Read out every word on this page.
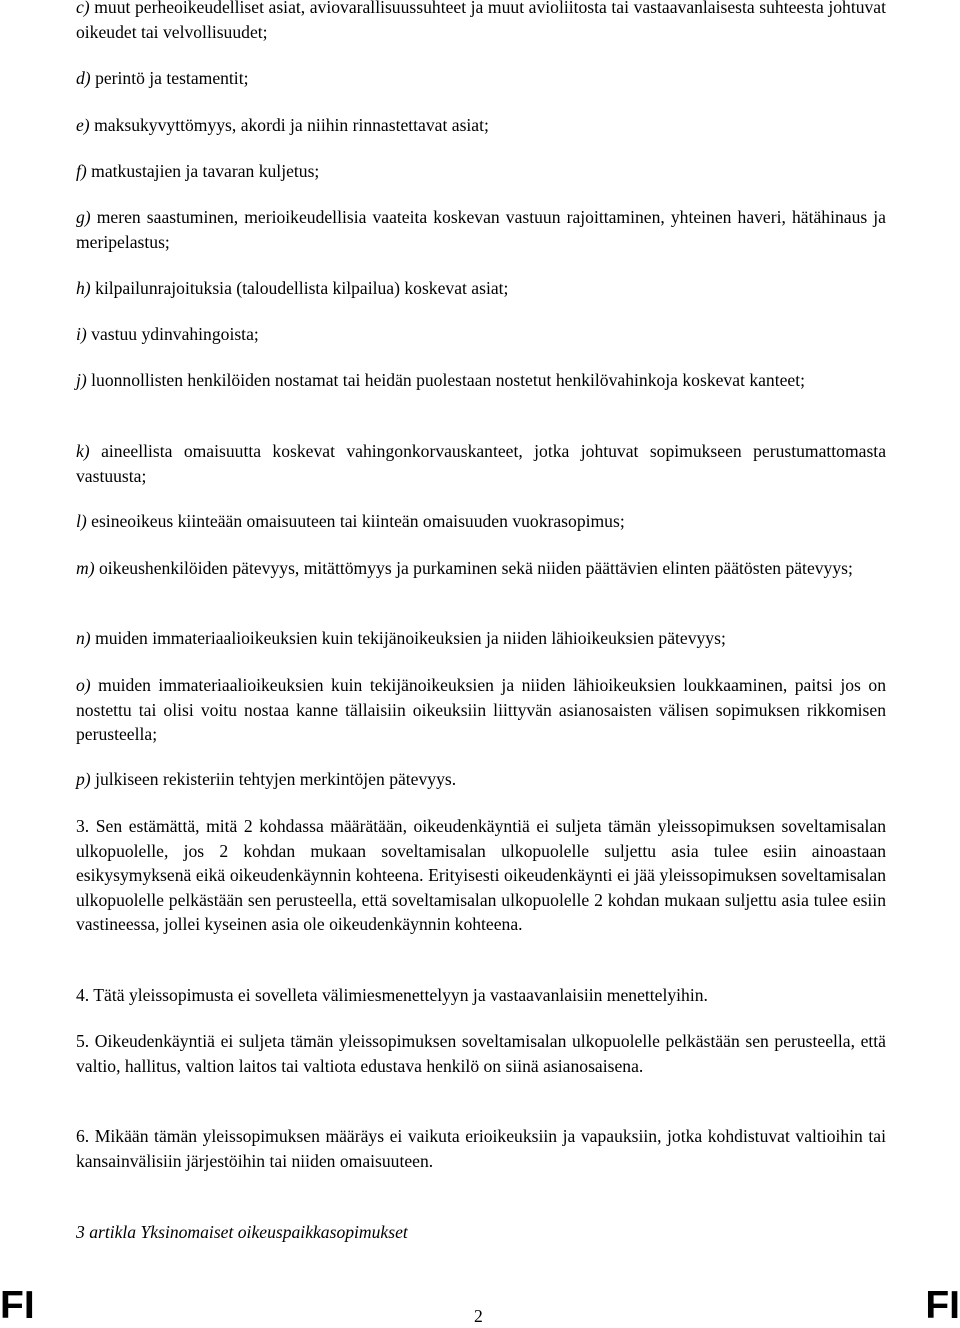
c) muut perheoikeudelliset asiat, aviovarallisuussuhteet ja muut avioliitosta tai vastaavanlaisesta suhteesta johtuvat oikeudet tai velvollisuudet;

d) perintö ja testamentit;

e) maksukyvyttömyys, akordi ja niihin rinnastettavat asiat;

f) matkustajien ja tavaran kuljetus;

g) meren saastuminen, merioikeudellisia vaateita koskevan vastuun rajoittaminen, yhteinen haveri, hätähinaus ja meripelastus;

h) kilpailunrajoituksia (taloudellista kilpailua) koskevat asiat;

i) vastuu ydinvahingoista;

j) luonnollisten henkilöiden nostamat tai heidän puolestaan nostetut henkilövahinkoja koskevat kanteet;

k) aineellista omaisuutta koskevat vahingonkorvauskanteet, jotka johtuvat sopimukseen perustumattomasta vastuusta;

l) esineoikeus kiinteään omaisuuteen tai kiinteän omaisuuden vuokrasopimus;

m) oikeushenkilöiden pätevyys, mitättömyys ja purkaminen sekä niiden päättävien elinten päätösten pätevyys;

n) muiden immateriaalioikeuksien kuin tekijänoikeuksien ja niiden lähioikeuksien pätevyys;

o) muiden immateriaalioikeuksien kuin tekijänoikeuksien ja niiden lähioikeuksien loukkaaminen, paitsi jos on nostettu tai olisi voitu nostaa kanne tällaisiin oikeuksiin liittyvän asianosaisten välisen sopimuksen rikkomisen perusteella;

p) julkiseen rekisteriin tehtyjen merkintöjen pätevyys.

3. Sen estämättä, mitä 2 kohdassa määrätään, oikeudenkäyntiä ei suljeta tämän yleissopimuksen soveltamisalan ulkopuolelle, jos 2 kohdan mukaan soveltamisalan ulkopuolelle suljettu asia tulee esiin ainoastaan esikysymyksenä eikä oikeudenkäynnin kohteena. Erityisesti oikeudenkäynti ei jää yleissopimuksen soveltamisalan ulkopuolelle pelkästään sen perusteella, että soveltamisalan ulkopuolelle 2 kohdan mukaan suljettu asia tulee esiin vastineessa, jollei kyseinen asia ole oikeudenkäynnin kohteena.

4. Tätä yleissopimusta ei sovelleta välimiesmenettelyyn ja vastaavanlaisiin menettelyihin.

5. Oikeudenkäyntiä ei suljeta tämän yleissopimuksen soveltamisalan ulkopuolelle pelkästään sen perusteella, että valtio, hallitus, valtion laitos tai valtiota edustava henkilö on siinä asianosaisena.

6. Mikään tämän yleissopimuksen määräys ei vaikuta erioikeuksiin ja vapauksiin, jotka kohdistuvat valtioihin tai kansainvälisiin järjestöihin tai niiden omaisuuteen.

3 artikla Yksinomaiset oikeuspaikkasopimukset

FI	2	FI
